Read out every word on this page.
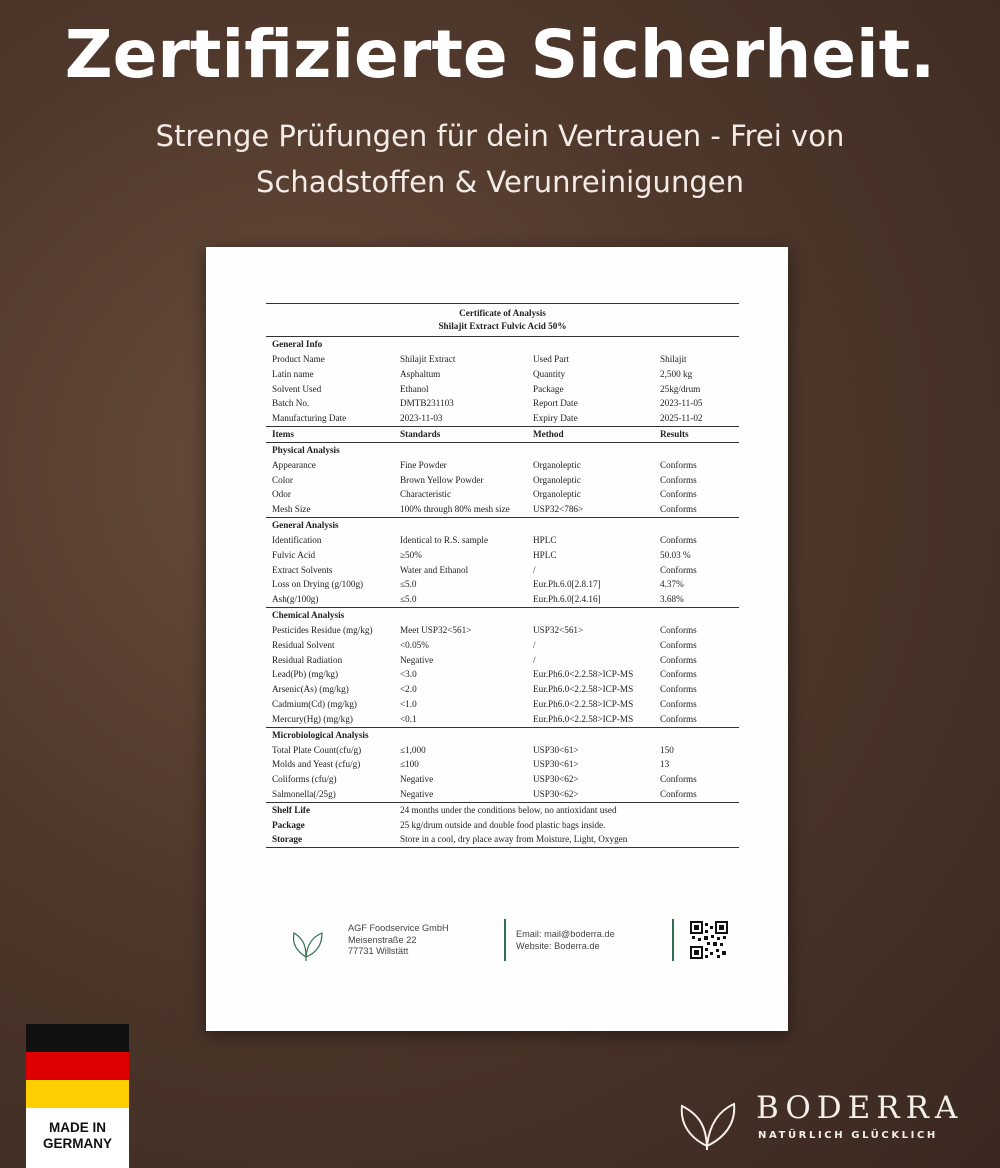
Zertifizierte Sicherheit.
Strenge Prüfungen für dein Vertrauen - Frei von Schadstoffen & Verunreinigungen
Certificate of Analysis
Shilajit Extract Fulvic Acid 50%
General Info
Product Name	Shilajit Extract	Used Part	Shilajit
Latin name	Asphaltum	Quantity	2,500 kg
Solvent Used	Ethanol	Package	25kg/drum
Batch No.	DMTB231103	Report Date	2023-11-05
Manufacturing Date	2023-11-03	Expiry Date	2025-11-02
Items	Standards	Method	Results
Physical Analysis
Appearance	Fine Powder	Organoleptic	Conforms
Color	Brown Yellow Powder	Organoleptic	Conforms
Odor	Characteristic	Organoleptic	Conforms
Mesh Size	100% through 80% mesh size	USP32<786>	Conforms
General Analysis
Identification	Identical to R.S. sample	HPLC	Conforms
Fulvic Acid	≥50%	HPLC	50.03 %
Extract Solvents	Water and Ethanol	/	Conforms
Loss on Drying (g/100g)	≤5.0	Eur.Ph.6.0[2.8.17]	4.37%
Ash(g/100g)	≤5.0	Eur.Ph.6.0[2.4.16]	3.68%
Chemical Analysis
Pesticides Residue (mg/kg)	Meet USP32<561>	USP32<561>	Conforms
Residual Solvent	<0.05%	/	Conforms
Residual Radiation	Negative	/	Conforms
Lead(Pb) (mg/kg)	<3.0	Eur.Ph6.0<2.2.58>ICP-MS	Conforms
Arsenic(As) (mg/kg)	<2.0	Eur.Ph6.0<2.2.58>ICP-MS	Conforms
Cadmium(Cd) (mg/kg)	<1.0	Eur.Ph6.0<2.2.58>ICP-MS	Conforms
Mercury(Hg) (mg/kg)	<0.1	Eur.Ph6.0<2.2.58>ICP-MS	Conforms
Microbiological Analysis
Total Plate Count(cfu/g)	≤1,000	USP30<61>	150
Molds and Yeast (cfu/g)	≤100	USP30<61>	13
Coliforms (cfu/g)	Negative	USP30<62>	Conforms
Salmonella(/25g)	Negative	USP30<62>	Conforms
Shelf Life	24 months under the conditions below, no antioxidant used
Package	25 kg/drum outside and double food plastic bags inside.
Storage	Store in a cool, dry place away from Moisture, Light, Oxygen
AGF Foodservice GmbH
Meisenstraße 22
77731 Willstätt
Email: mail@boderra.de
Website: Boderra.de
MADE IN
GERMANY
BODERRA
NATÜRLICH GLÜCKLICH
